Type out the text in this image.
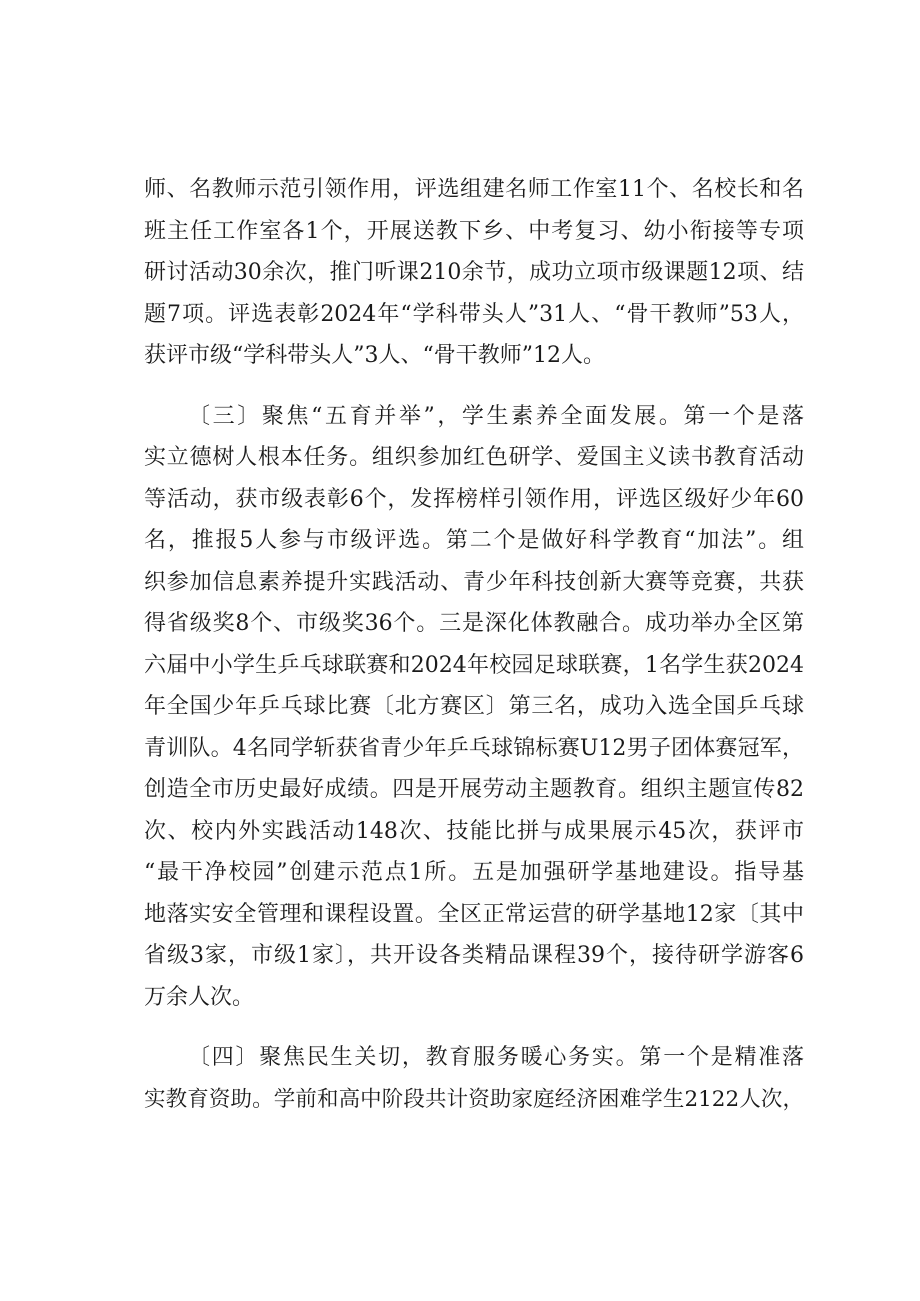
师、名教师示范引领作用，评选组建名师工作室11个、名校长和名
班主任工作室各1个，开展送教下乡、中考复习、幼小衔接等专项
研讨活动30余次，推门听课210余节，成功立项市级课题12项、结
题7项。评选表彰2024年“学科带头人”31人、“骨干教师”53人，
获评市级“学科带头人”3人、“骨干教师”12人。
〔三〕聚焦“五育并举”，学生素养全面发展。第一个是落
实立德树人根本任务。组织参加红色研学、爱国主义读书教育活动
等活动，获市级表彰6个，发挥榜样引领作用，评选区级好少年60
名，推报5人参与市级评选。第二个是做好科学教育“加法”。组
织参加信息素养提升实践活动、青少年科技创新大赛等竞赛，共获
得省级奖8个、市级奖36个。三是深化体教融合。成功举办全区第
六届中小学生乒乓球联赛和2024年校园足球联赛，1名学生获2024
年全国少年乒乓球比赛〔北方赛区〕第三名，成功入选全国乒乓球
青训队。4名同学斩获省青少年乒乓球锦标赛U12男子团体赛冠军，
创造全市历史最好成绩。四是开展劳动主题教育。组织主题宣传82
次、校内外实践活动148次、技能比拼与成果展示45次，获评市
“最干净校园”创建示范点1所。五是加强研学基地建设。指导基
地落实安全管理和课程设置。全区正常运营的研学基地12家〔其中
省级3家，市级1家〕，共开设各类精品课程39个，接待研学游客6
万余人次。
〔四〕聚焦民生关切，教育服务暖心务实。第一个是精准落
实教育资助。学前和高中阶段共计资助家庭经济困难学生2122人次，
